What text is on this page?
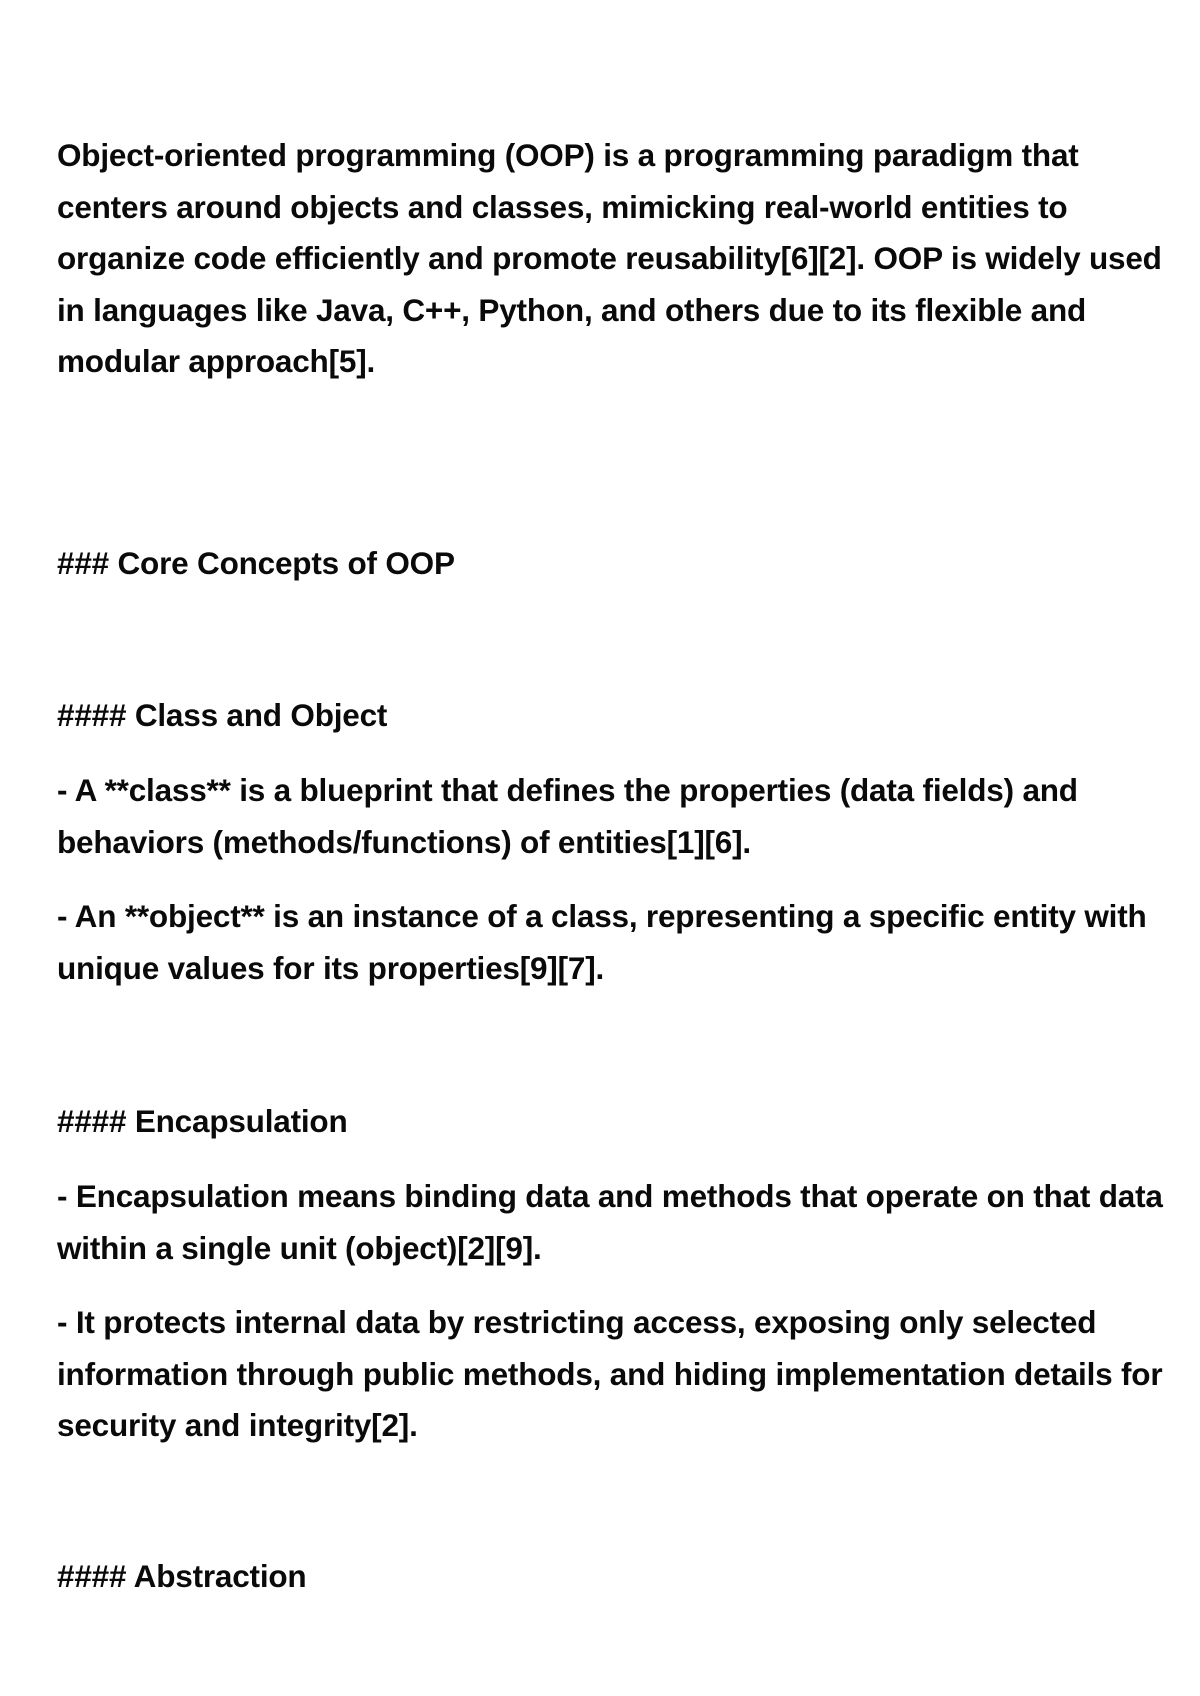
Object-oriented programming (OOP) is a programming paradigm that centers around objects and classes, mimicking real-world entities to organize code efficiently and promote reusability[6][2]. OOP is widely used in languages like Java, C++, Python, and others due to its flexible and modular approach[5].

### Core Concepts of OOP

#### Class and Object

- A **class** is a blueprint that defines the properties (data fields) and behaviors (methods/functions) of entities[1][6].

- An **object** is an instance of a class, representing a specific entity with unique values for its properties[9][7].

#### Encapsulation

- Encapsulation means binding data and methods that operate on that data within a single unit (object)[2][9].

- It protects internal data by restricting access, exposing only selected information through public methods, and hiding implementation details for security and integrity[2].

#### Abstraction
